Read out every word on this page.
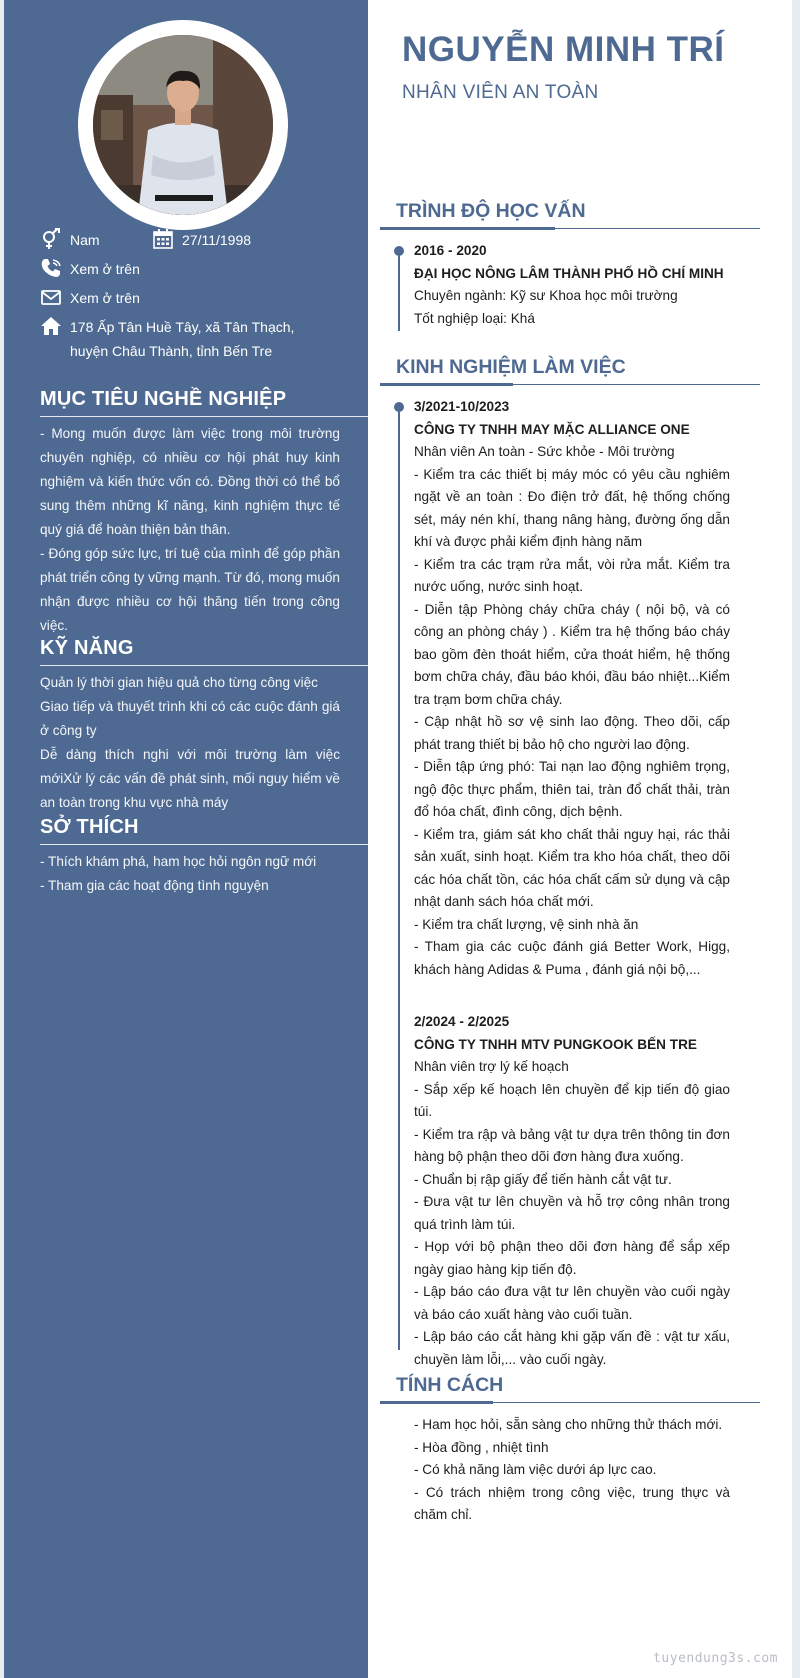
Nam	27/11/1998
Xem ở trên
Xem ở trên
178 Ấp Tân Huề Tây, xã Tân Thạch, huyện Châu Thành, tỉnh Bến Tre
MỤC TIÊU NGHỀ NGHIỆP

- Mong muốn được làm việc trong môi trường chuyên nghiệp, có nhiều cơ hội phát huy kinh nghiệm và kiến thức vốn có. Đồng thời có thể bổ sung thêm những kĩ năng, kinh nghiệm thực tế quý giá để hoàn thiện bản thân.

- Đóng góp sức lực, trí tuệ của mình để góp phần phát triển công ty vững mạnh. Từ đó, mong muốn nhận được nhiều cơ hội thăng tiến trong công việc.

KỸ NĂNG

Quản lý thời gian hiệu quả cho từng công việc

Giao tiếp và thuyết trình khi có các cuộc đánh giá ở công ty

Dễ dàng thích nghi với môi trường làm việc mớiXử lý các vấn đề phát sinh, mối nguy hiểm về an toàn trong khu vực nhà máy

SỞ THÍCH

- Thích khám phá, ham học hỏi ngôn ngữ mới

- Tham gia các hoạt động tình nguyện

NGUYỄN MINH TRÍ
NHÂN VIÊN AN TOÀN
TRÌNH ĐỘ HỌC VẤN

2016 - 2020

ĐẠI HỌC NÔNG LÂM THÀNH PHỐ HỒ CHÍ MINH

Chuyên ngành: Kỹ sư Khoa học môi trường

Tốt nghiệp loại: Khá

KINH NGHIỆM LÀM VIỆC

3/2021-10/2023

CÔNG TY TNHH MAY MẶC ALLIANCE ONE

Nhân viên An toàn - Sức khỏe - Môi trường

- Kiểm tra các thiết bị máy móc có yêu cầu nghiêm ngặt về an toàn : Đo điện trở đất, hệ thống chống sét, máy nén khí, thang nâng hàng, đường ống dẫn khí và được phải kiểm định hàng năm

- Kiểm tra các trạm rửa mắt, vòi rửa mắt. Kiểm tra nước uống, nước sinh hoạt.

- Diễn tập Phòng cháy chữa cháy ( nội bộ, và có công an phòng cháy ) . Kiểm tra hệ thống báo cháy bao gồm đèn thoát hiểm, cửa thoát hiểm, hệ thống bơm chữa cháy, đầu báo khói, đầu báo nhiệt...Kiểm tra trạm bơm chữa cháy.

- Cập nhật hồ sơ vệ sinh lao động. Theo dõi, cấp phát trang thiết bị bảo hộ cho người lao động.

- Diễn tập ứng phó: Tai nạn lao động nghiêm trọng, ngộ độc thực phẩm, thiên tai, tràn đổ chất thải, tràn đổ hóa chất, đình công, dịch bệnh.

- Kiểm tra, giám sát kho chất thải nguy hại, rác thải sản xuất, sinh hoạt. Kiểm tra kho hóa chất, theo dõi các hóa chất tồn, các hóa chất cấm sử dụng và cập nhật danh sách hóa chất mới.

- Kiểm tra chất lượng, vệ sinh nhà ăn

- Tham gia các cuộc đánh giá Better Work, Higg, khách hàng Adidas & Puma , đánh giá nội bộ,...

2/2024 - 2/2025

CÔNG TY TNHH MTV PUNGKOOK BẾN TRE

Nhân viên trợ lý kế hoạch

- Sắp xếp kế hoạch lên chuyền để kịp tiến độ giao túi.

- Kiểm tra rập và bảng vật tư dựa trên thông tin đơn hàng bộ phận theo dõi đơn hàng đưa xuống.

- Chuẩn bị rập giấy để tiến hành cắt vật tư.

- Đưa vật tư lên chuyền và hỗ trợ công nhân trong quá trình làm túi.

- Họp với bộ phận theo dõi đơn hàng để sắp xếp ngày giao hàng kịp tiến độ.

- Lập báo cáo đưa vật tư lên chuyền vào cuối ngày và báo cáo xuất hàng vào cuối tuần.

- Lập báo cáo cắt hàng khi gặp vấn đề : vật tư xấu, chuyền làm lỗi,... vào cuối ngày.

TÍNH CÁCH

- Ham học hỏi, sẵn sàng cho những thử thách mới.

- Hòa đồng , nhiệt tình

- Có khả năng làm việc dưới áp lực cao.

- Có trách nhiệm trong công việc, trung thực và chăm chỉ.

tuyendung3s.com
